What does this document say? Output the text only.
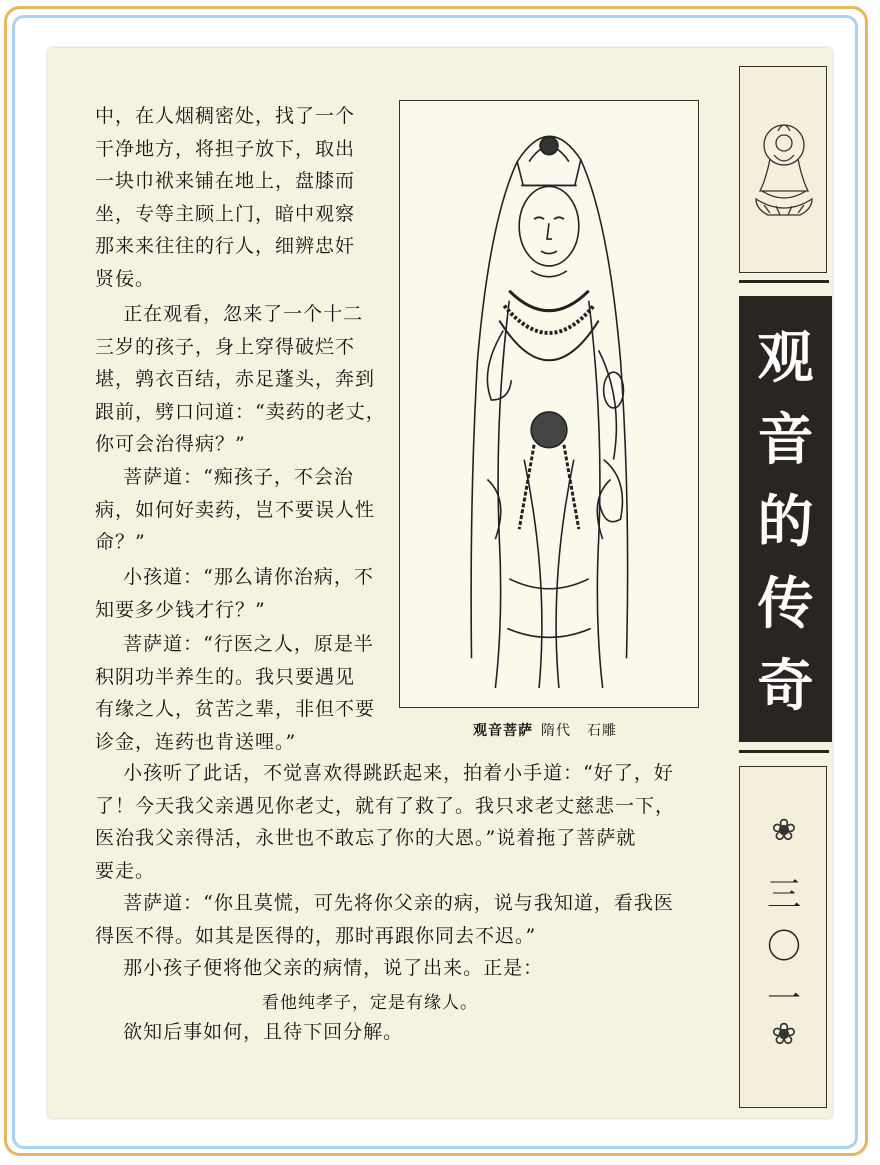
中，在人烟稠密处，找了一个
干净地方，将担子放下，取出
一块巾袱来铺在地上，盘膝而
坐，专等主顾上门，暗中观察
那来来往往的行人，细辨忠奸
贤佞。

正在观看，忽来了一个十二
三岁的孩子，身上穿得破烂不
堪，鹑衣百结，赤足蓬头，奔到
跟前，劈口问道：“卖药的老丈，
你可会治得病？”

菩萨道：“痴孩子，不会治
病，如何好卖药，岂不要误人性
命？”

小孩道：“那么请你治病，不
知要多少钱才行？”

菩萨道：“行医之人，原是半
积阴功半养生的。我只要遇见
有缘之人，贫苦之辈，非但不要
诊金，连药也肯送哩。”

小孩听了此话，不觉喜欢得跳跃起来，拍着小手道：“好了，好
了！今天我父亲遇见你老丈，就有了救了。我只求老丈慈悲一下，
医治我父亲得活，永世也不敢忘了你的大恩。”说着拖了菩萨就
要走。

菩萨道：“你且莫慌，可先将你父亲的病，说与我知道，看我医
得医不得。如其是医得的，那时再跟你同去不迟。”

那小孩子便将他父亲的病情，说了出来。正是：

看他纯孝子，定是有缘人。

欲知后事如何，且待下回分解。

观音菩萨 隋代 石雕
观
音
的
传
奇
❀
三
〇
一
❀
